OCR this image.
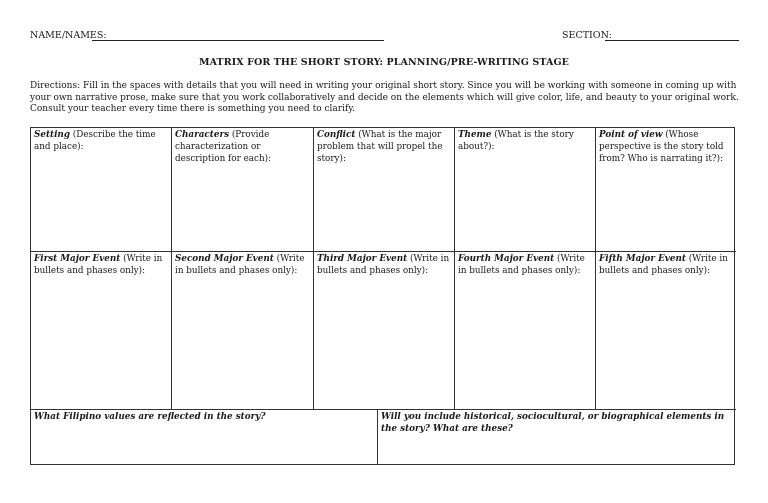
NAME/NAMES:	SECTION:
MATRIX FOR THE SHORT STORY: PLANNING/PRE-WRITING STAGE
Directions: Fill in the spaces with details that you will need in writing your original short story. Since you will be working with someone in coming up with your own narrative prose, make sure that you work collaboratively and decide on the elements which will give color, life, and beauty to your original work. Consult your teacher every time there is something you need to clarify.
Setting (Describe the time and place):
Characters (Provide characterization or description for each):
Conflict (What is the major problem that will propel the story):
Theme (What is the story about?):
Point of view (Whose perspective is the story told from? Who is narrating it?):
First Major Event (Write in bullets and phases only):
Second Major Event (Write in bullets and phases only):
Third Major Event (Write in bullets and phases only):
Fourth Major Event (Write in bullets and phases only):
Fifth Major Event (Write in bullets and phases only):
What Filipino values are reflected in the story?	Will you include historical, sociocultural, or biographical elements in the story? What are these?
